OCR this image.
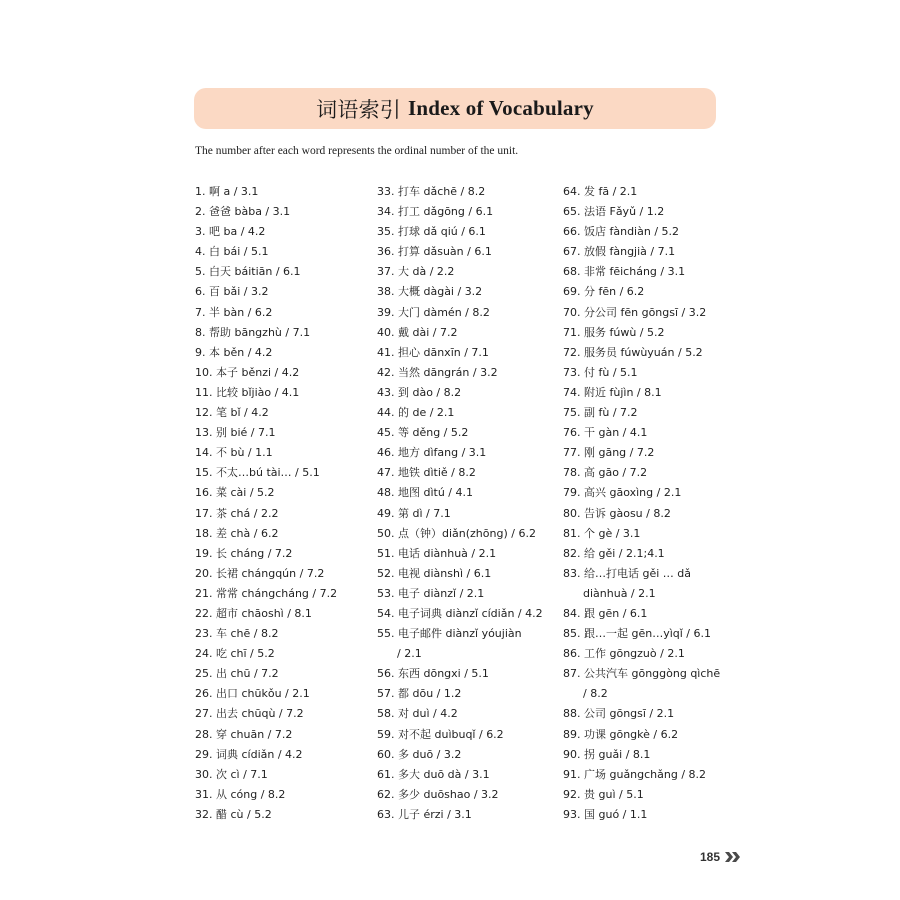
词语索引 Index of Vocabulary
The number after each word represents the ordinal number of the unit.
1. 啊 a / 3.1
2. 爸爸 bàba / 3.1
3. 吧 ba / 4.2
4. 白 bái / 5.1
5. 白天 báitiān / 6.1
6. 百 bǎi / 3.2
7. 半 bàn / 6.2
8. 帮助 bāngzhù / 7.1
9. 本 běn / 4.2
10. 本子 běnzi / 4.2
11. 比较 bǐjiào / 4.1
12. 笔 bǐ / 4.2
13. 别 bié / 7.1
14. 不 bù / 1.1
15. 不太…bú tài… / 5.1
16. 菜 cài / 5.2
17. 茶 chá / 2.2
18. 差 chà / 6.2
19. 长 cháng / 7.2
20. 长裙 chángqún / 7.2
21. 常常 chángcháng / 7.2
22. 超市 chāoshì / 8.1
23. 车 chē / 8.2
24. 吃 chī / 5.2
25. 出 chū / 7.2
26. 出口 chūkǒu / 2.1
27. 出去 chūqù / 7.2
28. 穿 chuān / 7.2
29. 词典 cídiǎn / 4.2
30. 次 cì / 7.1
31. 从 cóng / 8.2
32. 醋 cù / 5.2
33. 打车 dǎchē / 8.2
34. 打工 dǎgōng / 6.1
35. 打球 dǎ qiú / 6.1
36. 打算 dǎsuàn / 6.1
37. 大 dà / 2.2
38. 大概 dàgài / 3.2
39. 大门 dàmén / 8.2
40. 戴 dài / 7.2
41. 担心 dānxīn / 7.1
42. 当然 dāngrán / 3.2
43. 到 dào / 8.2
44. 的 de / 2.1
45. 等 děng / 5.2
46. 地方 dìfang / 3.1
47. 地铁 dìtiě / 8.2
48. 地图 dìtú / 4.1
49. 第 dì / 7.1
50. 点（钟）diǎn(zhōng) / 6.2
51. 电话 diànhuà / 2.1
52. 电视 diànshì / 6.1
53. 电子 diànzǐ / 2.1
54. 电子词典 diànzǐ cídiǎn / 4.2
55. 电子邮件 diànzǐ yóujiàn
/ 2.1
56. 东西 dōngxi / 5.1
57. 都 dōu / 1.2
58. 对 duì / 4.2
59. 对不起 duìbuqǐ / 6.2
60. 多 duō / 3.2
61. 多大 duō dà / 3.1
62. 多少 duōshao / 3.2
63. 儿子 érzi / 3.1
64. 发 fā / 2.1
65. 法语 Fǎyǔ / 1.2
66. 饭店 fàndiàn / 5.2
67. 放假 fàngjià / 7.1
68. 非常 fēicháng / 3.1
69. 分 fēn / 6.2
70. 分公司 fēn gōngsī / 3.2
71. 服务 fúwù / 5.2
72. 服务员 fúwùyuán / 5.2
73. 付 fù / 5.1
74. 附近 fùjìn / 8.1
75. 副 fù / 7.2
76. 干 gàn / 4.1
77. 刚 gāng / 7.2
78. 高 gāo / 7.2
79. 高兴 gāoxìng / 2.1
80. 告诉 gàosu / 8.2
81. 个 gè / 3.1
82. 给 gěi / 2.1;4.1
83. 给…打电话 gěi … dǎ
diànhuà / 2.1
84. 跟 gēn / 6.1
85. 跟…一起 gēn…yìqǐ / 6.1
86. 工作 gōngzuò / 2.1
87. 公共汽车 gōnggòng qìchē
/ 8.2
88. 公司 gōngsī / 2.1
89. 功课 gōngkè / 6.2
90. 拐 guǎi / 8.1
91. 广场 guǎngchǎng / 8.2
92. 贵 guì / 5.1
93. 国 guó / 1.1
185
